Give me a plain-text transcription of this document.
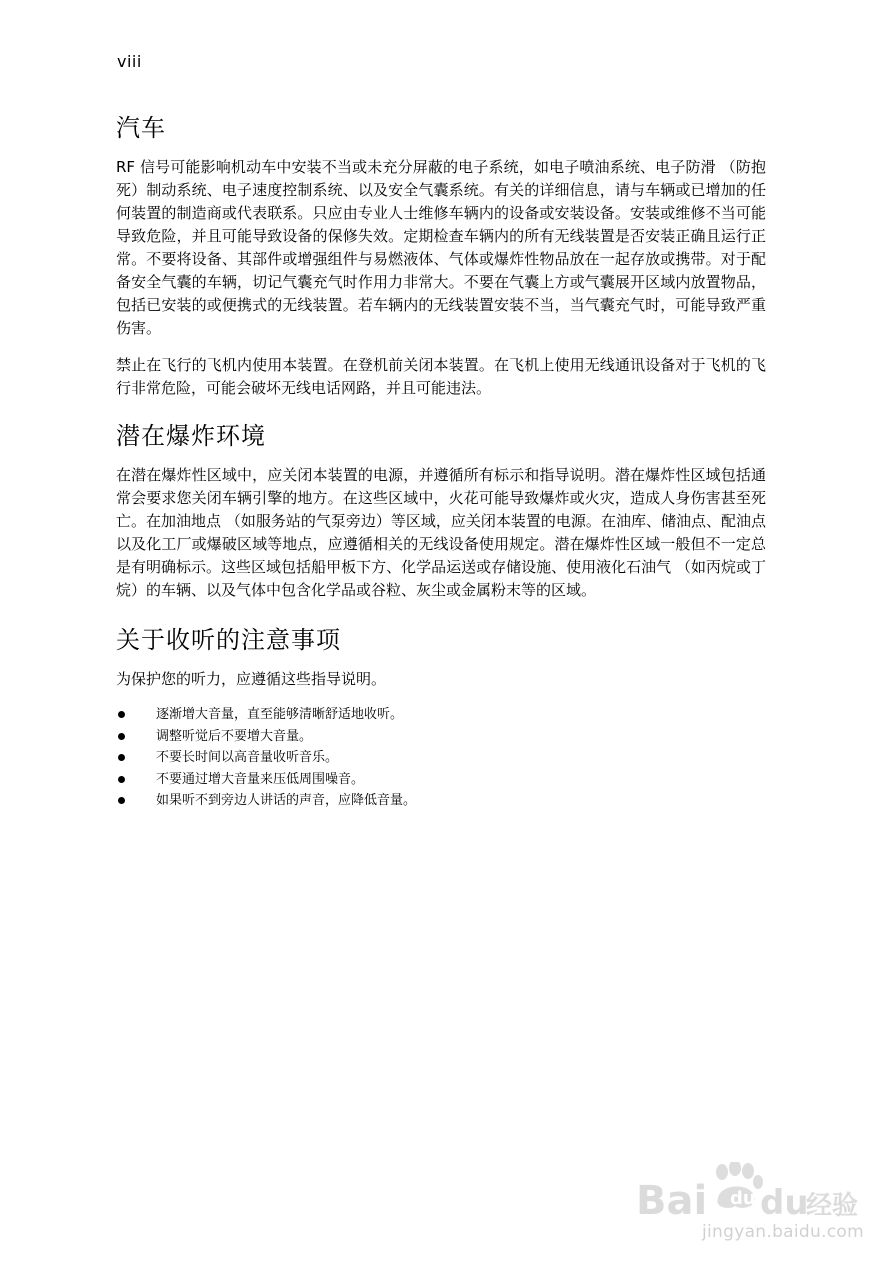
viii
汽车

RF 信号可能影响机动车中安装不当或未充分屏蔽的电子系统，如电子喷油系统、电子防滑 （防抱死）制动系统、电子速度控制系统、以及安全气囊系统。有关的详细信息，请与车辆或已增加的任何装置的制造商或代表联系。只应由专业人士维修车辆内的设备或安装设备。安装或维修不当可能导致危险，并且可能导致设备的保修失效。定期检查车辆内的所有无线装置是否安装正确且运行正常。不要将设备、其部件或增强组件与易燃液体、气体或爆炸性物品放在一起存放或携带。对于配备安全气囊的车辆，切记气囊充气时作用力非常大。不要在气囊上方或气囊展开区域内放置物品，包括已安装的或便携式的无线装置。若车辆内的无线装置安装不当，当气囊充气时，可能导致严重伤害。

禁止在飞行的飞机内使用本装置。在登机前关闭本装置。在飞机上使用无线通讯设备对于飞机的飞行非常危险，可能会破坏无线电话网路，并且可能违法。

潜在爆炸环境

在潜在爆炸性区域中，应关闭本装置的电源，并遵循所有标示和指导说明。潜在爆炸性区域包括通常会要求您关闭车辆引擎的地方。在这些区域中，火花可能导致爆炸或火灾，造成人身伤害甚至死亡。在加油地点 （如服务站的气泵旁边）等区域，应关闭本装置的电源。在油库、储油点、配油点以及化工厂或爆破区域等地点，应遵循相关的无线设备使用规定。潜在爆炸性区域一般但不一定总是有明确标示。这些区域包括船甲板下方、化学品运送或存储设施、使用液化石油气 （如丙烷或丁烷）的车辆、以及气体中包含化学品或谷粒、灰尘或金属粉末等的区域。

关于收听的注意事项

为保护您的听力，应遵循这些指导说明。

逐渐增大音量，直至能够清晰舒适地收听。
调整听觉后不要增大音量。
不要长时间以高音量收听音乐。
不要通过增大音量来压低周围噪音。
如果听不到旁边人讲话的声音，应降低音量。
Bai du
经验
du
jingyan.baidu.com
